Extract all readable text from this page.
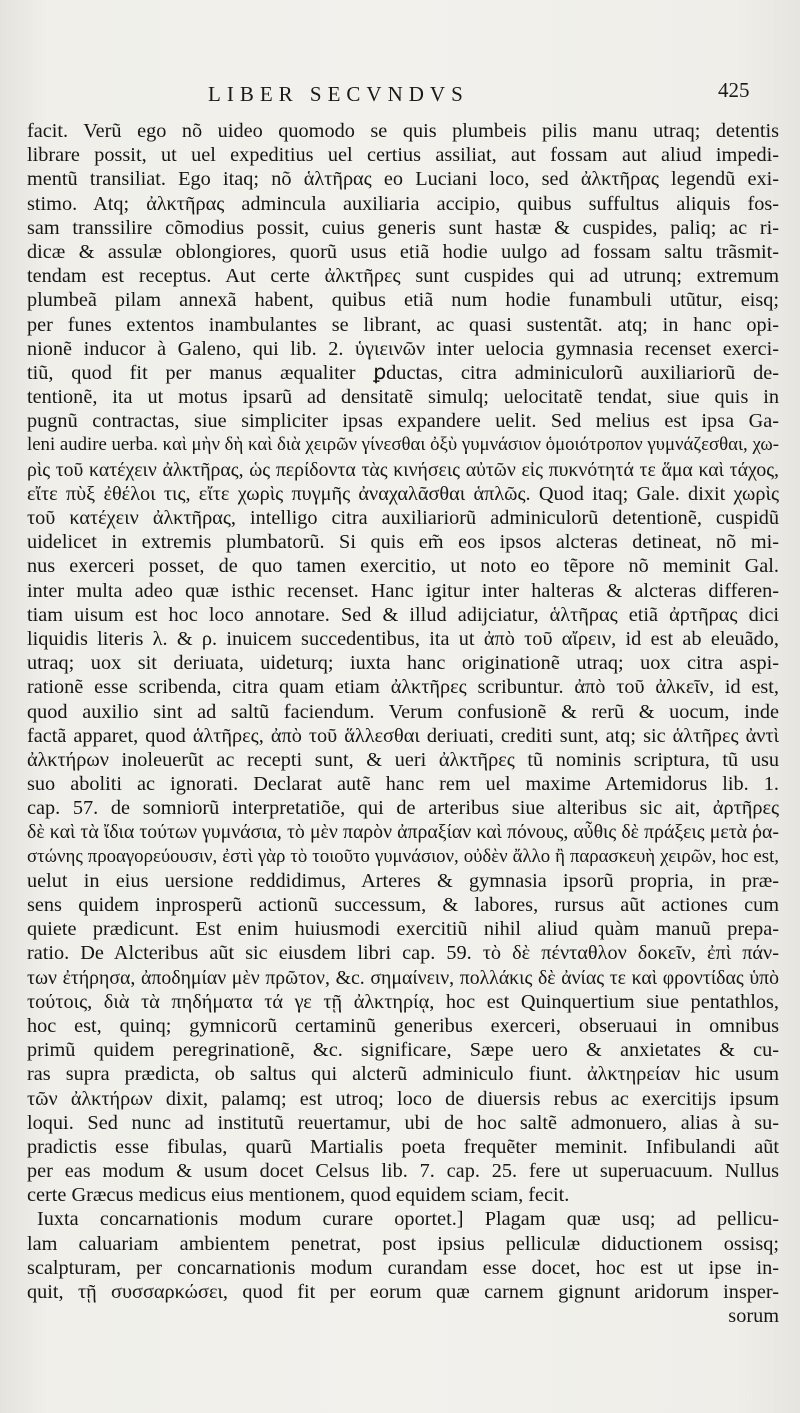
LIBER SECVNDVS	425
facit. Verũ ego nõ uideo quomodo se quis plumbeis pilis manu utraq; detentis
librare possit, ut uel expeditius uel certius assiliat, aut fossam aut aliud impedi-
mentũ transiliat. Ego itaq; nõ ἁλτῆρας eo Luciani loco, sed ἀλκτῆρας legendũ exi-
stimo. Atq; ἀλκτῆρας admincula auxiliaria accipio, quibus suffultus aliquis fos-
sam transsilire cõmodius possit, cuius generis sunt hastæ & cuspides, paliq; ac ri-
dicæ & assulæ oblongiores, quorũ usus etiã hodie uulgo ad fossam saltu trãsmit-
tendam est receptus. Aut certe ἀλκτῆρες sunt cuspides qui ad utrunq; extremum
plumbeã pilam annexã habent, quibus etiã num hodie funambuli utũtur, eisq;
per funes extentos inambulantes se librant, ac quasi sustentãt. atq; in hanc opi-
nionẽ inducor à Galeno, qui lib. 2. ὑγιεινῶν inter uelocia gymnasia recenset exerci-
tiũ, quod fit per manus æqualiter ꝑductas, citra adminiculorũ auxiliariorũ de-
tentionẽ, ita ut motus ipsarũ ad densitatẽ simulq; uelocitatẽ tendat, siue quis in
pugnũ contractas, siue simpliciter ipsas expandere uelit. Sed melius est ipsa Ga-
leni audire uerba. καὶ μὴν δὴ καὶ διὰ χειρῶν γίνεσθαι ὀξὺ γυμνάσιον ὁμοιότροπον γυμνάζεσθαι, χω-
ρὶς τοῦ κατέχειν ἀλκτῆρας, ὡς περίδοντα τὰς κινήσεις αὐτῶν εἰς πυκνότητά τε ἅμα καὶ τάχος,
εἴτε πὺξ ἐθέλοι τις, εἴτε χωρὶς πυγμῆς ἀναχαλᾶσθαι ἁπλῶς. Quod itaq; Gale. dixit χωρὶς
τοῦ κατέχειν ἀλκτῆρας, intelligo citra auxiliariorũ adminiculorũ detentionẽ, cuspidũ
uidelicet in extremis plumbatorũ. Si quis em̃ eos ipsos alcteras detineat, nõ mi-
nus exerceri posset, de quo tamen exercitio, ut noto eo tẽpore nõ meminit Gal.
inter multa adeo quæ isthic recenset. Hanc igitur inter halteras & alcteras differen-
tiam uisum est hoc loco annotare. Sed & illud adijciatur, ἁλτῆρας etiã ἀρτῆρας dici
liquidis literis λ. & ρ. inuicem succedentibus, ita ut ἀπὸ τοῦ αἴρειν, id est ab eleuãdo,
utraq; uox sit deriuata, uideturq; iuxta hanc originationẽ utraq; uox citra aspi-
rationẽ esse scribenda, citra quam etiam ἀλκτῆρες scribuntur. ἀπὸ τοῦ ἀλκεῖν, id est,
quod auxilio sint ad saltũ faciendum. Verum confusionẽ & rerũ & uocum, inde
factã apparet, quod ἁλτῆρες, ἀπὸ τοῦ ἅλλεσθαι deriuati, crediti sunt, atq; sic ἁλτῆρες ἀντὶ
ἀλκτήρων inoleuerũt ac recepti sunt, & ueri ἀλκτῆρες tũ nominis scriptura, tũ usu
suo aboliti ac ignorati. Declarat autẽ hanc rem uel maxime Artemidorus lib. 1.
cap. 57. de somniorũ interpretatiõe, qui de arteribus siue alteribus sic ait, ἀρτῆρες
δὲ καὶ τὰ ἴδια τούτων γυμνάσια, τὸ μὲν παρὸν ἀπραξίαν καὶ πόνους, αὖθις δὲ πράξεις μετὰ ῥα-
στώνης προαγορεύουσιν, ἐστὶ γὰρ τὸ τοιοῦτο γυμνάσιον, οὐδὲν ἄλλο ἢ παρασκευὴ χειρῶν, hoc est,
uelut in eius uersione reddidimus, Arteres & gymnasia ipsorũ propria, in præ-
sens quidem inprosperũ actionũ successum, & labores, rursus aũt actiones cum
quiete prædicunt. Est enim huiusmodi exercitiũ nihil aliud quàm manuũ prepa-
ratio. De Alcteribus aũt sic eiusdem libri cap. 59. τὸ δὲ πένταθλον δοκεῖν, ἐπὶ πάν-
των ἐτήρησα, ἀποδημίαν μὲν πρῶτον, &c. σημαίνειν, πολλάκις δὲ ἀνίας τε καὶ φροντίδας ὑπὸ
τούτοις, διὰ τὰ πηδήματα τά γε τῇ ἀλκτηρίᾳ, hoc est Quinquertium siue pentathlos,
hoc est, quinq; gymnicorũ certaminũ generibus exerceri, obseruaui in omnibus
primũ quidem peregrinationẽ, &c. significare, Sæpe uero & anxietates & cu-
ras supra prædicta, ob saltus qui alcterũ adminiculo fiunt. ἀλκτηρείαν hic usum
τῶν ἀλκτήρων dixit, palamq; est utroq; loco de diuersis rebus ac exercitijs ipsum
loqui. Sed nunc ad institutũ reuertamur, ubi de hoc saltẽ admonuero, alias à su-
pradictis esse fibulas, quarũ Martialis poeta frequẽter meminit. Infibulandi aũt
per eas modum & usum docet Celsus lib. 7. cap. 25. fere ut superuacuum. Nullus
certe Græcus medicus eius mentionem, quod equidem sciam, fecit.
Iuxta concarnationis modum curare oportet.] Plagam quæ usq; ad pellicu-
lam caluariam ambientem penetrat, post ipsius pelliculæ diductionem ossisq;
scalpturam, per concarnationis modum curandam esse docet, hoc est ut ipse in-
quit, τῇ συσσαρκώσει, quod fit per eorum quæ carnem gignunt aridorum insper-
sorum
